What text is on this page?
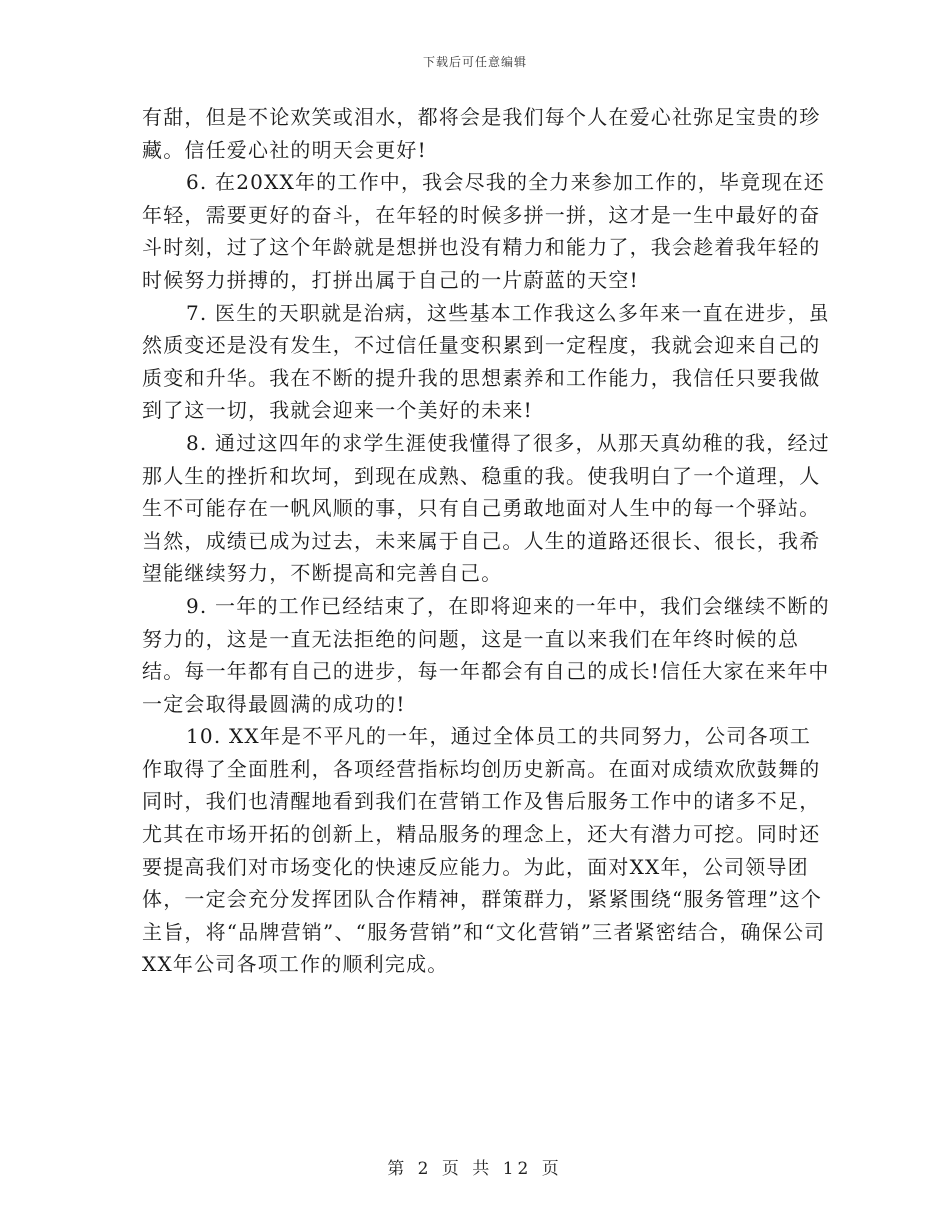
下载后可任意编辑

有甜，但是不论欢笑或泪水，都将会是我们每个人在爱心社弥足宝贵的珍藏。信任爱心社的明天会更好!

6. 在20XX年的工作中，我会尽我的全力来参加工作的，毕竟现在还年轻，需要更好的奋斗，在年轻的时候多拼一拼，这才是一生中最好的奋斗时刻，过了这个年龄就是想拼也没有精力和能力了，我会趁着我年轻的时候努力拼搏的，打拼出属于自己的一片蔚蓝的天空!

7. 医生的天职就是治病，这些基本工作我这么多年来一直在进步，虽然质变还是没有发生，不过信任量变积累到一定程度，我就会迎来自己的质变和升华。我在不断的提升我的思想素养和工作能力，我信任只要我做到了这一切，我就会迎来一个美好的未来!

8. 通过这四年的求学生涯使我懂得了很多，从那天真幼稚的我，经过那人生的挫折和坎坷，到现在成熟、稳重的我。使我明白了一个道理，人生不可能存在一帆风顺的事，只有自己勇敢地面对人生中的每一个驿站。当然，成绩已成为过去，未来属于自己。人生的道路还很长、很长，我希望能继续努力，不断提高和完善自己。

9. 一年的工作已经结束了，在即将迎来的一年中，我们会继续不断的努力的，这是一直无法拒绝的问题，这是一直以来我们在年终时候的总结。每一年都有自己的进步，每一年都会有自己的成长!信任大家在来年中一定会取得最圆满的成功的!

10. XX年是不平凡的一年，通过全体员工的共同努力，公司各项工作取得了全面胜利，各项经营指标均创历史新高。在面对成绩欢欣鼓舞的同时，我们也清醒地看到我们在营销工作及售后服务工作中的诸多不足，尤其在市场开拓的创新上，精品服务的理念上，还大有潜力可挖。同时还要提高我们对市场变化的快速反应能力。为此，面对XX年，公司领导团体，一定会充分发挥团队合作精神，群策群力，紧紧围绕“服务管理”这个主旨，将“品牌营销”、“服务营销”和“文化营销”三者紧密结合，确保公司XX年公司各项工作的顺利完成。

第 2 页 共 12 页
